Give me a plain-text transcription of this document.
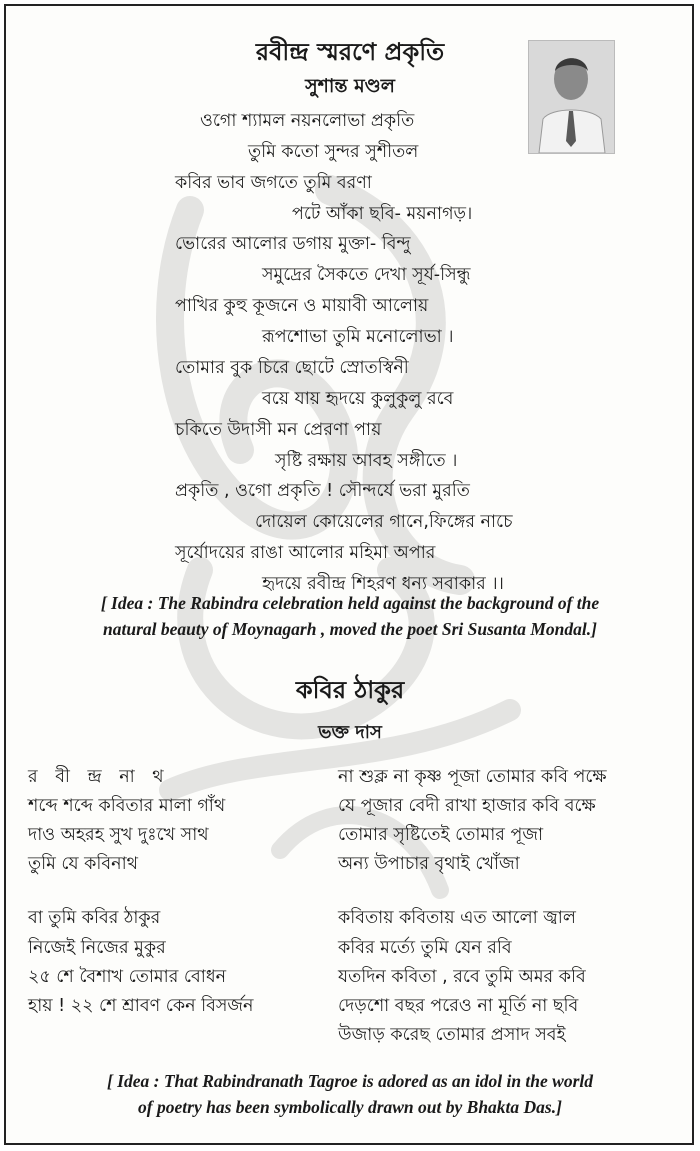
রবীন্দ্র স্মরণে প্রকৃতি
সুশান্ত মণ্ডল
ওগো শ্যামল নয়নলোভা প্রকৃতি
তুমি কতো সুন্দর সুশীতল
কবির ভাব জগতে তুমি বরণা
পটে আঁকা ছবি- ময়নাগড়।
ভোরের আলোর ডগায় মুক্তা- বিন্দু
সমুদ্রের সৈকতে দেখা সূর্য-সিন্ধু
পাখির কুহু কূজনে ও মায়াবী আলোয়
রূপশোভা তুমি মনোলোভা ।
তোমার বুক চিরে ছোটে স্রোতস্বিনী
বয়ে যায় হৃদয়ে কুলুকুলু রবে
চকিতে উদাসী মন প্রেরণা পায়
সৃষ্টি রক্ষায় আবহ সঙ্গীতে ।
প্রকৃতি , ওগো প্রকৃতি ! সৌন্দর্যে ভরা মুরতি
দোয়েল কোয়েলের গানে,ফিঙ্গের নাচে
সূর্যোদয়ের রাঙা আলোর মহিমা অপার
হৃদয়ে রবীন্দ্র শিহরণ ধন্য সবাকার ।।
[ Idea : The Rabindra celebration held against the background of the
natural beauty of Moynagarh , moved the poet Sri Susanta Mondal.]
কবির ঠাকুর
ভক্ত দাস
র বী ন্দ্র না থ
শব্দে শব্দে কবিতার মালা গাঁথ
দাও অহরহ সুখ দুঃখে সাথ
তুমি যে কবিনাথ
বা তুমি কবির ঠাকুর
নিজেই নিজের মুকুর
২৫ শে বৈশাখ তোমার বোধন
হায় ! ২২ শে শ্রাবণ কেন বিসর্জন
না শুক্ল না কৃষ্ণ পূজা তোমার কবি পক্ষে
যে পূজার বেদী রাখা হাজার কবি বক্ষে
তোমার সৃষ্টিতেই তোমার পূজা
অন্য উপাচার বৃথাই খোঁজা
কবিতায় কবিতায় এত আলো জ্বাল
কবির মর্ত্যে তুমি যেন রবি
যতদিন কবিতা , রবে তুমি অমর কবি
দেড়শো বছর পরেও না মূর্তি না ছবি
উজাড় করেছ তোমার প্রসাদ সবই
[ Idea : That Rabindranath Tagroe is adored as an idol in the world
of poetry has been symbolically drawn out by Bhakta Das.]
